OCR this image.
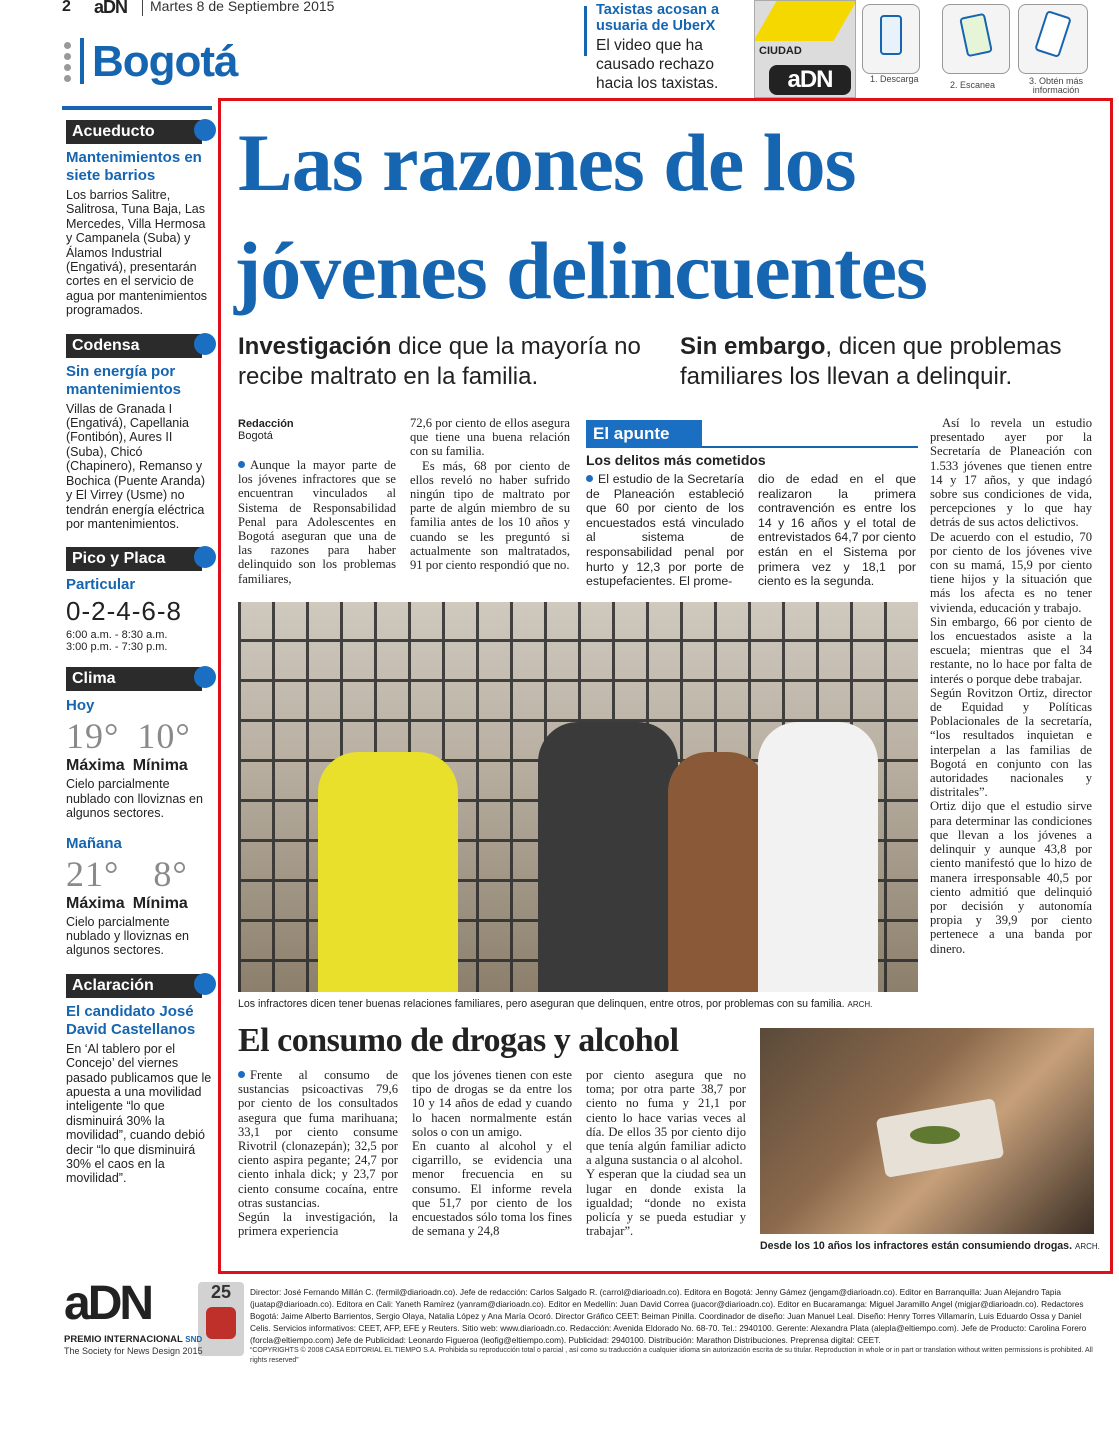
2 aDN Martes 8 de Septiembre 2015
Bogotá
Taxistas acosan a usuaria de UberX
El video que ha causado rechazo hacia los taxistas.
CIUDAD
aDN	1. Descarga
2. Escanea	3. Obtén más información
Acueducto
Mantenimientos en siete barrios
Los barrios Salitre, Salitrosa, Tuna Baja, Las Mercedes, Villa Hermosa y Campanela (Suba) y Álamos Industrial (Engativá), presentarán cortes en el servicio de agua por mantenimientos programados.
Codensa
Sin energía por mantenimientos
Villas de Granada I (Engativá), Capellania (Fontibón), Aures II (Suba), Chicó (Chapinero), Remanso y Bochica (Puente Aranda) y El Virrey (Usme) no tendrán energía eléctrica por mantenimientos.
Pico y Placa
Particular
0-2-4-6-8
6:00 a.m. - 8:30 a.m.
3:00 p.m. - 7:30 p.m.
Clima
Hoy
19° 10°
Máxima Mínima
Cielo parcialmente nublado con lloviznas en algunos sectores.
Mañana
21° 8°
Máxima Mínima
Cielo parcialmente nublado y lloviznas en algunos sectores.
Aclaración
El candidato José David Castellanos
En ‘Al tablero por el Concejo’ del viernes pasado publicamos que le apuesta a una movilidad inteligente “lo que disminuirá 30% la movilidad”, cuando debió decir “lo que disminuirá 30% el caos en la movilidad”.
Las razones de los
jóvenes delincuentes
Investigación dice que la mayoría no recibe maltrato en la familia.
Sin embargo, dicen que problemas familiares los llevan a delinquir.
Redacción
Bogotá
Aunque la mayor parte de los jóvenes infractores que se encuentran vinculados al Sistema de Responsabilidad Penal para Adolescentes en Bogotá aseguran que una de las razones para haber delinquido son los problemas familiares,
72,6 por ciento de ellos asegura que tiene una buena relación con su familia.
Es más, 68 por ciento de ellos reveló no haber sufrido ningún tipo de maltrato por parte de algún miembro de su familia antes de los 10 años y cuando se les preguntó si actualmente son maltratados, 91 por ciento respondió que no.
El apunte
Los delitos más cometidos
El estudio de la Secretaría de Planeación estableció que 60 por ciento de los encuestados está vinculado al sistema de responsabilidad penal por hurto y 12,3 por porte de estupefacientes. El prome-
dio de edad en el que realizaron la primera contravención es entre los 14 y 16 años y el total de entrevistados 64,7 por ciento están en el Sistema por primera vez y 18,1 por ciento es la segunda.
Así lo revela un estudio presentado ayer por la Secretaría de Planeación con 1.533 jóvenes que tienen entre 14 y 17 años, y que indagó sobre sus condiciones de vida, percepciones y lo que hay detrás de sus actos delictivos.
De acuerdo con el estudio, 70 por ciento de los jóvenes vive con su mamá, 15,9 por ciento tiene hijos y la situación que más los afecta es no tener vivienda, educación y trabajo.
Sin embargo, 66 por ciento de los encuestados asiste a la escuela; mientras que el 34 restante, no lo hace por falta de interés o porque debe trabajar.
Según Rovitzon Ortiz, director de Equidad y Políticas Poblacionales de la secretaría, “los resultados inquietan e interpelan a las familias de Bogotá en conjunto con las autoridades nacionales y distritales”.
Ortiz dijo que el estudio sirve para determinar las condiciones que llevan a los jóvenes a delinquir y aunque 43,8 por ciento manifestó que lo hizo de manera irresponsable 40,5 por ciento admitió que delinquió por decisión y autonomía propia y 39,9 por ciento pertenece a una banda por dinero.
Los infractores dicen tener buenas relaciones familiares, pero aseguran que delinquen, entre otros, por problemas con su familia. ARCH.
El consumo de drogas y alcohol
Frente al consumo de sustancias psicoactivas 79,6 por ciento de los consultados asegura que fuma marihuana; 33,1 por ciento consume Rivotril (clonazepán); 32,5 por ciento aspira pegante; 24,7 por ciento inhala dick; y 23,7 por ciento consume cocaína, entre otras sustancias.
Según la investigación, la primera experiencia
que los jóvenes tienen con este tipo de drogas se da entre los 10 y 14 años de edad y cuando lo hacen normalmente están solos o con un amigo.
En cuanto al alcohol y el cigarrillo, se evidencia una menor frecuencia en su consumo. El informe revela que 51,7 por ciento de los encuestados sólo toma los fines de semana y 24,8
por ciento asegura que no toma; por otra parte 38,7 por ciento no fuma y 21,1 por ciento lo hace varias veces al día. De ellos 35 por ciento dijo que tenía algún familiar adicto a alguna sustancia o al alcohol.
Y esperan que la ciudad sea un lugar en donde exista la igualdad; “donde no exista policía y se pueda estudiar y trabajar”.
Desde los 10 años los infractores están consumiendo drogas. ARCH.
aDN	25
PREMIO INTERNACIONAL SND
The Society for News Design 2015
Director: José Fernando Millán C. (fermil@diarioadn.co). Jefe de redacción: Carlos Salgado R. (carrol@diarioadn.co). Editora en Bogotá: Jenny Gámez (jengam@diarioadn.co). Editor en Barranquilla: Juan Alejandro Tapia (juatap@diarioadn.co). Editora en Cali: Yaneth Ramírez (yanram@diarioadn.co). Editor en Medellín: Juan David Correa (juacor@diarioadn.co). Editor en Bucaramanga: Miguel Jaramillo Angel (migjar@diarioadn.co). Redactores Bogotá: Jaime Alberto Barrientos, Sergio Olaya, Natalia López y Ana María Ocoró. Director Gráfico CEET: Beiman Pinilla. Coordinador de diseño: Juan Manuel Leal. Diseño: Henry Torres Villamarín, Luis Eduardo Ossa y Daniel Celis. Servicios informativos: CEET, AFP, EFE y Reuters. Sitio web: www.diarioadn.co. Redacción: Avenida Eldorado No. 68-70. Tel.: 2940100. Gerente: Alexandra Plata (alepla@eltiempo.com). Jefe de Producto: Carolina Forero (forcla@eltiempo.com) Jefe de Publicidad: Leonardo Figueroa (leofig@eltiempo.com). Publicidad: 2940100. Distribución: Marathon Distribuciones. Preprensa digital: CEET.
“COPYRIGHTS © 2008 CASA EDITORIAL EL TIEMPO S.A. Prohibida su reproducción total o parcial , así como su traducción a cualquier idioma sin autorización escrita de su titular. Reproduction in whole or in part or translation without written permissions is prohibited. All rights reserved”
